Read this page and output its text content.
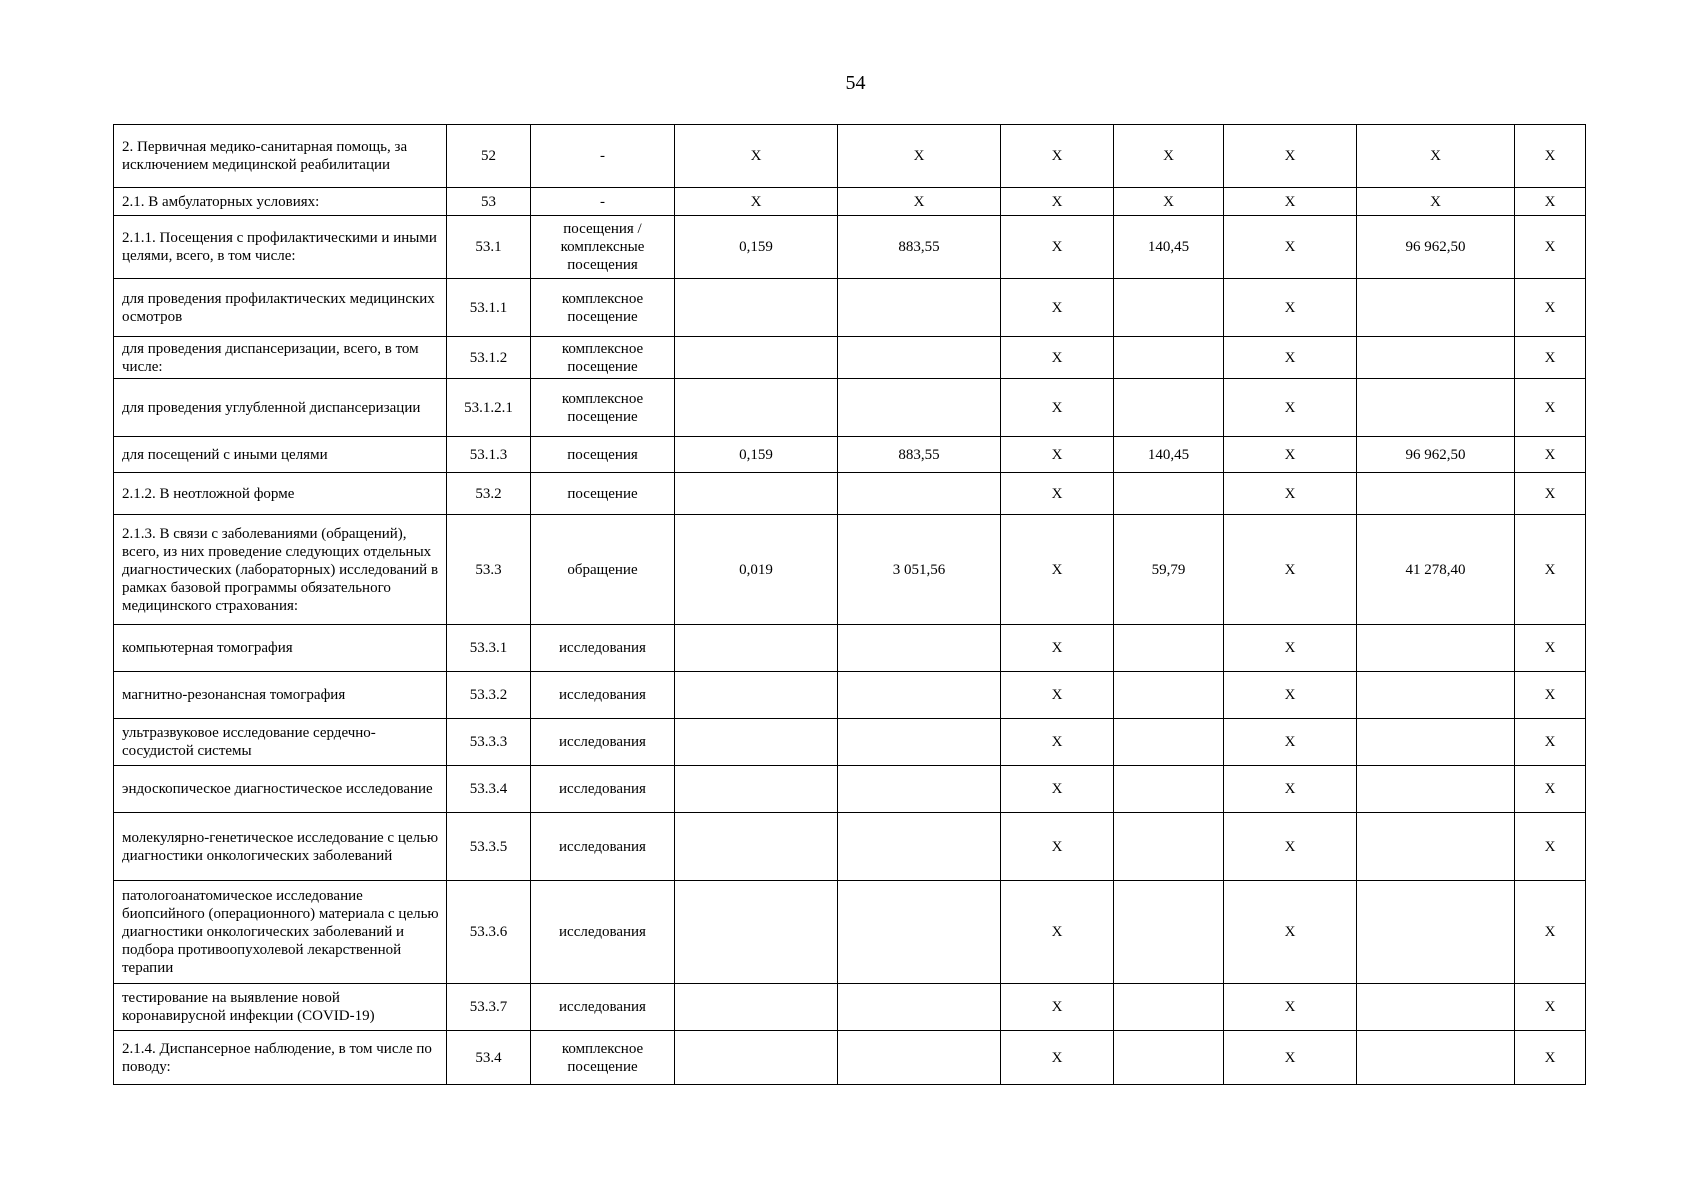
54
2. Первичная медико-санитарная помощь, за исключением медицинской реабилитации	52	-	X	X	X	X	X	X	X
2.1. В амбулаторных условиях:	53	-	X	X	X	X	X	X	X
2.1.1. Посещения с профилактическими и иными целями, всего, в том числе:	53.1	посещения / комплексные посещения	0,159	883,55	X	140,45	X	96 962,50	X
для проведения профилактических медицинских осмотров	53.1.1	комплексное посещение			X		X		X
для проведения диспансеризации, всего, в том числе:	53.1.2	комплексное посещение			X		X		X
для проведения углубленной диспансеризации	53.1.2.1	комплексное посещение			X		X		X
для посещений с иными целями	53.1.3	посещения	0,159	883,55	X	140,45	X	96 962,50	X
2.1.2. В неотложной форме	53.2	посещение			X		X		X
2.1.3. В связи с заболеваниями (обращений), всего, из них проведение следующих отдельных диагностических (лабораторных) исследований в рамках базовой программы обязательного медицинского страхования:	53.3	обращение	0,019	3 051,56	X	59,79	X	41 278,40	X
компьютерная томография	53.3.1	исследования			X		X		X
магнитно-резонансная томография	53.3.2	исследования			X		X		X
ультразвуковое исследование сердечно-сосудистой системы	53.3.3	исследования			X		X		X
эндоскопическое диагностическое исследование	53.3.4	исследования			X		X		X
молекулярно-генетическое исследование с целью диагностики онкологических заболеваний	53.3.5	исследования			X		X		X
патологоанатомическое исследование биопсийного (операционного) материала с целью диагностики онкологических заболеваний и подбора противоопухолевой лекарственной терапии	53.3.6	исследования			X		X		X
тестирование на выявление новой коронавирусной инфекции (COVID-19)	53.3.7	исследования			X		X		X
2.1.4. Диспансерное наблюдение, в том числе по поводу:	53.4	комплексное посещение			X		X		X
